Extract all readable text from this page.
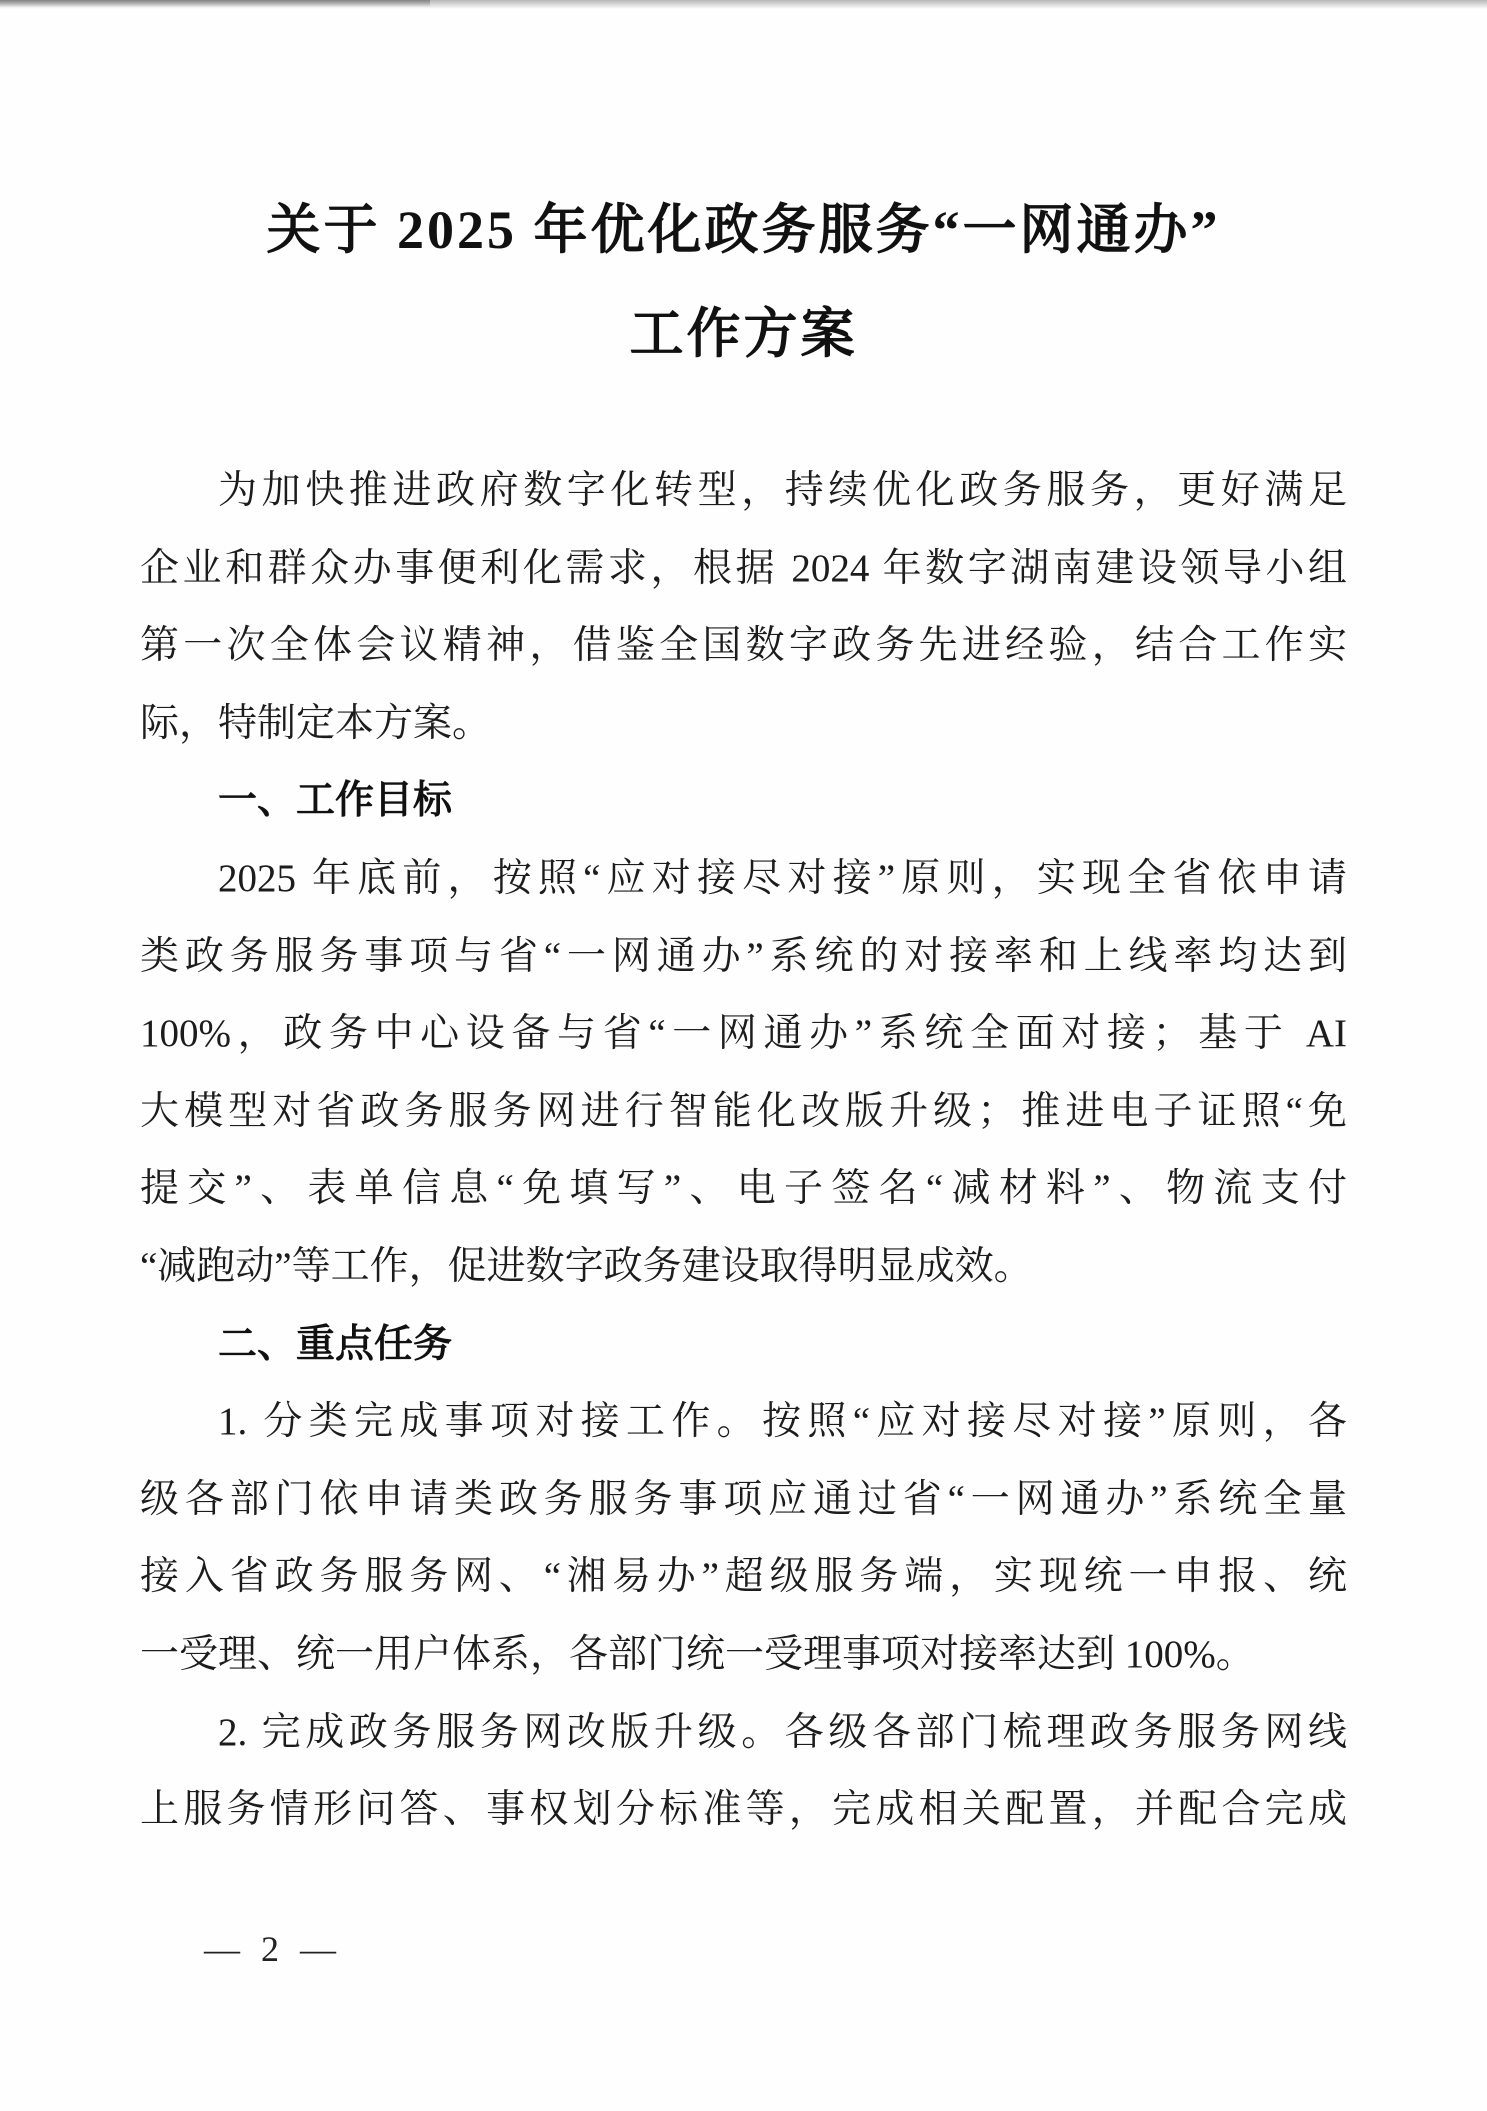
关于 2025 年优化政务服务“一网通办”
工作方案
为加快推进政府数字化转型，持续优化政务服务，更好满足
企业和群众办事便利化需求，根据 2024 年数字湖南建设领导小组
第一次全体会议精神，借鉴全国数字政务先进经验，结合工作实
际，特制定本方案。
一、工作目标
2025 年底前，按照“应对接尽对接”原则，实现全省依申请
类政务服务事项与省“一网通办”系统的对接率和上线率均达到
100%，政务中心设备与省“一网通办”系统全面对接；基于 AI
大模型对省政务服务网进行智能化改版升级；推进电子证照“免
提交”、表单信息“免填写”、电子签名“减材料”、物流支付
“减跑动”等工作，促进数字政务建设取得明显成效。
二、重点任务
1. 分类完成事项对接工作。按照“应对接尽对接”原则，各
级各部门依申请类政务服务事项应通过省“一网通办”系统全量
接入省政务服务网、“湘易办”超级服务端，实现统一申报、统
一受理、统一用户体系，各部门统一受理事项对接率达到 100%。
2. 完成政务服务网改版升级。各级各部门梳理政务服务网线
上服务情形问答、事权划分标准等，完成相关配置，并配合完成
— 2 —
